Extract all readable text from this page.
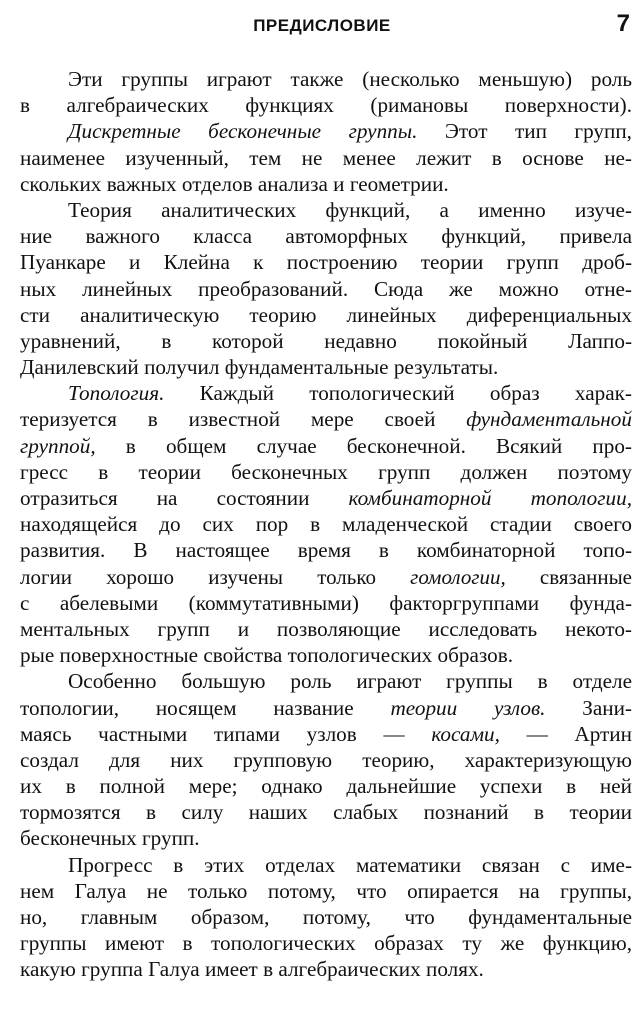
ПРЕДИСЛОВИЕ	7
Эти группы играют также (несколько меньшую) роль
в алгебраических функциях (римановы поверхности).
Дискретные бесконечные группы. Этот тип групп,
наименее изученный, тем не менее лежит в основе не-
скольких важных отделов анализа и геометрии.
Теория аналитических функций, а именно изуче-
ние важного класса автоморфных функций, привела
Пуанкаре и Клейна к построению теории групп дроб-
ных линейных преобразований. Сюда же можно отне-
сти аналитическую теорию линейных диференциальных
уравнений, в которой недавно покойный Лаппо-
Данилевский получил фундаментальные результаты.
Топология. Каждый топологический образ харак-
теризуется в известной мере своей фундаментальной
группой, в общем случае бесконечной. Всякий про-
гресс в теории бесконечных групп должен поэтому
отразиться на состоянии комбинаторной топологии,
находящейся до сих пор в младенческой стадии своего
развития. В настоящее время в комбинаторной топо-
логии хорошо изучены только гомологии, связанные
с абелевыми (коммутативными) факторгруппами фунда-
ментальных групп и позволяющие исследовать некото-
рые поверхностные свойства топологических образов.
Особенно большую роль играют группы в отделе
топологии, носящем название теории узлов. Зани-
маясь частными типами узлов — косами, — Артин
создал для них групповую теорию, характеризующую
их в полной мере; однако дальнейшие успехи в ней
тормозятся в силу наших слабых познаний в теории
бесконечных групп.
Прогресс в этих отделах математики связан с име-
нем Галуа не только потому, что опирается на группы,
но, главным образом, потому, что фундаментальные
группы имеют в топологических образах ту же функцию,
какую группа Галуа имеет в алгебраических полях.
